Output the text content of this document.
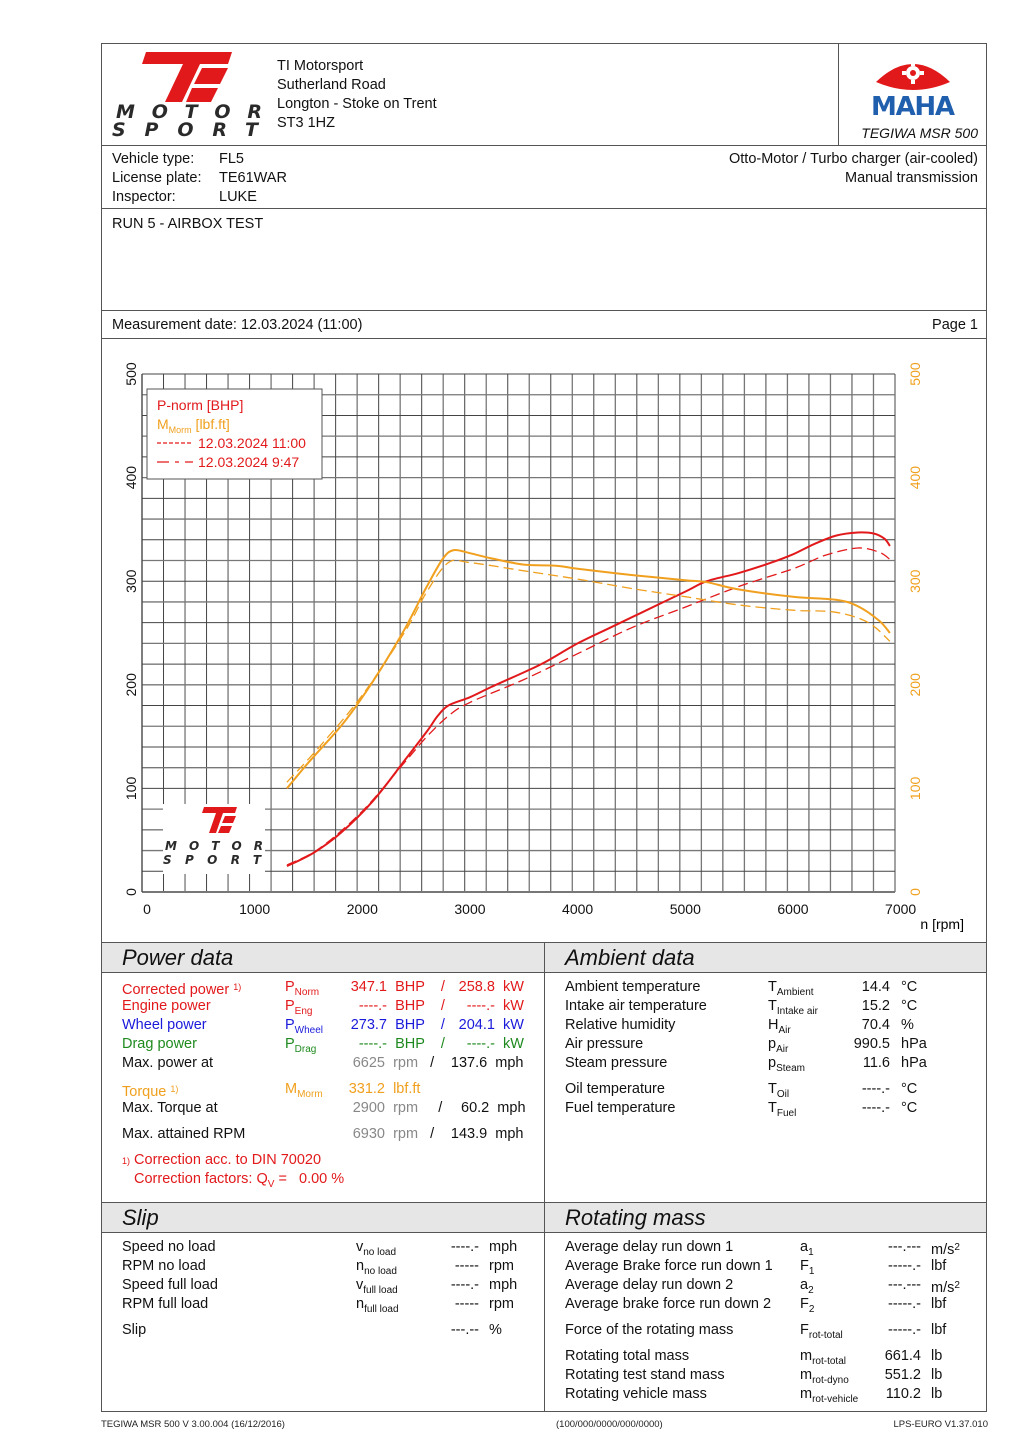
MOTOR
SPORT
TI Motorsport
Sutherland Road
Longton - Stoke on Trent
ST3 1HZ
MAHA
TEGIWA MSR 500
Vehicle type: FL5
License plate: TE61WAR
Inspector:	LUKE
Otto-Motor / Turbo charger (air-cooled)
Manual transmission
RUN 5 - AIRBOX TEST
Measurement date: 12.03.2024 (11:00)	Page 1
MOTOR
SPORT
0	1000	2000	3000	4000	5000	6000	7000
0
100
200
300
400
500
0
100
200
300
400
500
P-norm [BHP]
$M_{Morm}$ [lbf.ft]
12.03.2024 11:00
12.03.2024 9:47
n [rpm]
Power data
Corrected power $^{1)}$	$P_{Norm}$	347.1 BHP / 258.8 kW
Engine power	$P_{Eng}$	----.- BHP / ----.- kW
Wheel power	$P_{Wheel}$	273.7 BHP / 204.1 kW
Drag power	$P_{Drag}$	----.- BHP / ----.- kW
Torque $^{1)}$	$M_{Morm}$	331.2 lbf.ft
Max. power at	6625 rpm / 137.6 mph
Max. Torque at	2900 rpm / 60.2 mph
Max. attained RPM	6930 rpm / 143.9 mph
1) Correction acc. to DIN 70020
Correction factors: $Q_V = 0.00$ %
Ambient data
Ambient temperature	$T_{Ambient}$	14.4 °C
Intake air temperature	$T_{Intake air}$	15.2 °C
Relative humidity	$H_{Air}$	70.4 %
Air pressure	$p_{Air}$	990.5 hPa
Steam pressure	$p_{Steam}$	11.6 hPa
Oil temperature	$T_{Oil}$	----.- °C
Fuel temperature	$T_{Fuel}$	----.- °C
Slip
Speed no load	$v_{no load}$	----.- mph
RPM no load	$n_{no load}$	----- rpm
Speed full load	$v_{full load}$	----.- mph
RPM full load	$n_{full load}$	----- rpm
Slip	---.-- %
Rotating mass
Average delay run down 1	$a_1$	---.--- $m/s^2$
Average Brake force run down 1 $F_1$	-----.- lbf
Average delay run down 2	$a_2$	---.--- $m/s^2$
Average brake force run down 2 $F_2$	-----.- lbf
Force of the rotating mass	$F_{rot-total}$	-----.- lbf
Rotating total mass	$m_{rot-total}$	661.4 lb
Rotating test stand mass	$m_{rot-dyno}$	551.2 lb
Rotating vehicle mass	$m_{rot-vehicle}$	110.2 lb
TEGIWA MSR 500 V 3.00.004 (16/12/2016)	(100/000/0000/000/0000)	LPS-EURO V1.37.010
